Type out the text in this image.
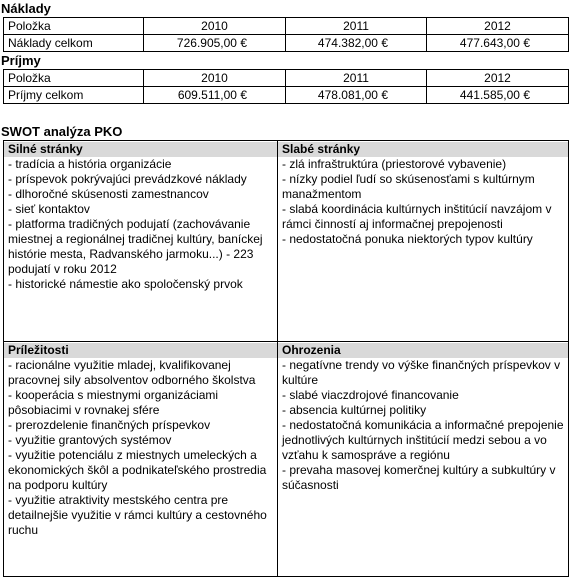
Náklady
Položka	2010	2011	2012
Náklady celkom	726.905,00 €	474.382,00 €	477.643,00 €
Príjmy
Položka	2010	2011	2012
Príjmy celkom	609.511,00 €	478.081,00 €	441.585,00 €
SWOT analýza PKO
Silné stránky
- tradícia a história organizácie
- príspevok pokrývajúci prevádzkové náklady
- dlhoročné skúsenosti zamestnancov
- sieť kontaktov
- platforma tradičných podujatí (zachovávanie miestnej a regionálnej tradičnej kultúry, baníckej histórie mesta, Radvanského jarmoku...) - 223 podujatí v roku 2012
- historické námestie ako spoločenský prvok
Slabé stránky
- zlá infraštruktúra (priestorové vybavenie)
- nízky podiel ľudí so skúsenosťami s kultúrnym manažmentom
- slabá koordinácia kultúrnych inštitúcií navzájom v rámci činností aj informačnej prepojenosti
- nedostatočná ponuka niektorých typov kultúry
Príležitosti
- racionálne využitie mladej, kvalifikovanej pracovnej sily absolventov odborného školstva
- kooperácia s miestnymi organizáciami pôsobiacimi v rovnakej sfére
- prerozdelenie finančných príspevkov
- využitie grantových systémov
- využitie potenciálu z miestnych umeleckých a ekonomických škôl a podnikateľského prostredia na podporu kultúry
- využitie atraktivity mestského centra pre detailnejšie využitie v rámci kultúry a cestovného ruchu
Ohrozenia
- negatívne trendy vo výške finančných príspevkov v kultúre
- slabé viaczdrojové financovanie
- absencia kultúrnej politiky
- nedostatočná komunikácia a informačné prepojenie jednotlivých kultúrnych inštitúcií medzi sebou a vo vzťahu k samospráve a regiónu
- prevaha masovej komerčnej kultúry a subkultúry v súčasnosti
